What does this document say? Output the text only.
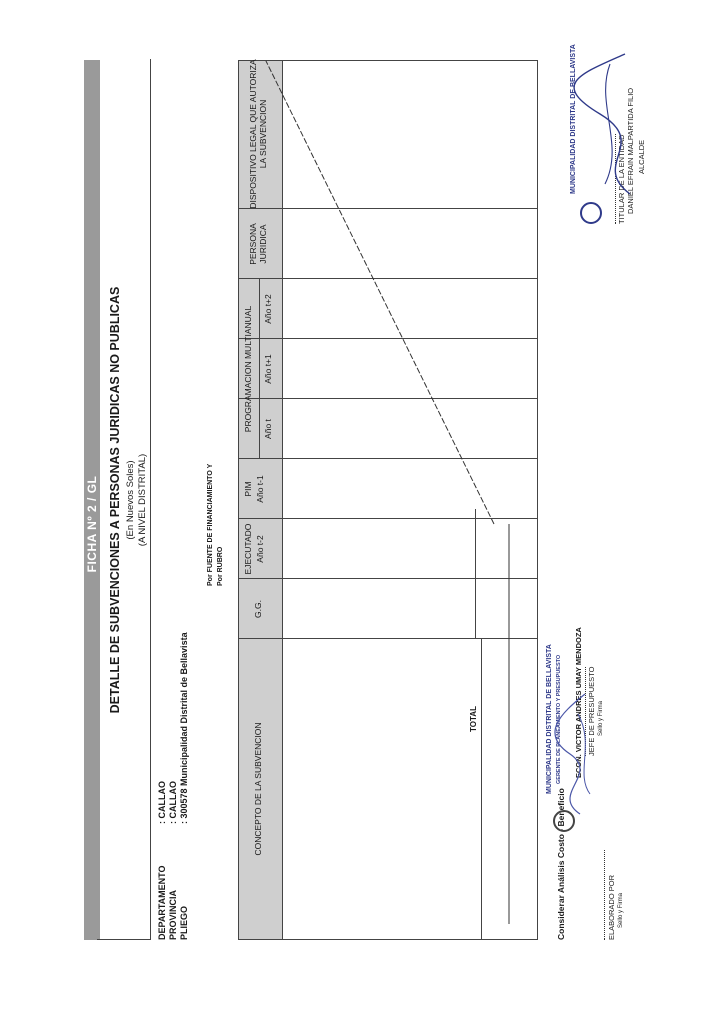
FICHA Nº 2 / GL DETALLE DE SUBVENCIONES A PERSONAS JURIDICAS NO PUBLICAS (En Nuevos Soles) (A NIVEL DISTRITAL)
DEPARTAMENTO PROVINCIA PLIEGO
: CALLAO : CALLAO : 300578 Municipalidad Distrital de Bellavista
Por FUENTE DE FINANCIAMIENTO Y Por RUBRO
CONCEPTO DE LA SUBVENCION
G.G.
EJECUTADO Año t-2
PIM Año t-1
PROGRAMACION MULTIANUAL Año t
Año t+1
Año t+2
PERSONA JURIDICA
DISPOSITIVO LEGAL QUE AUTORIZA LA SUBVENCION
TOTAL
Considerar Análisis Costo - Beneficio	ELABORADO POR Sello y Firma
MUNICIPALIDAD DISTRITAL DE BELLAVISTA GERENTE DE PLANEAMIENTO Y PRESUPUESTO ECON. VICTOR ANDRES UMAY MENDOZA JEFE DE PRESUPUESTO Sello y Firma
MUNICIPALIDAD DISTRITAL DE BELLAVISTA	TITULAR DE LA ENTIDAD DANIEL EFRAIN MALPARTIDA FILIO ALCALDE
